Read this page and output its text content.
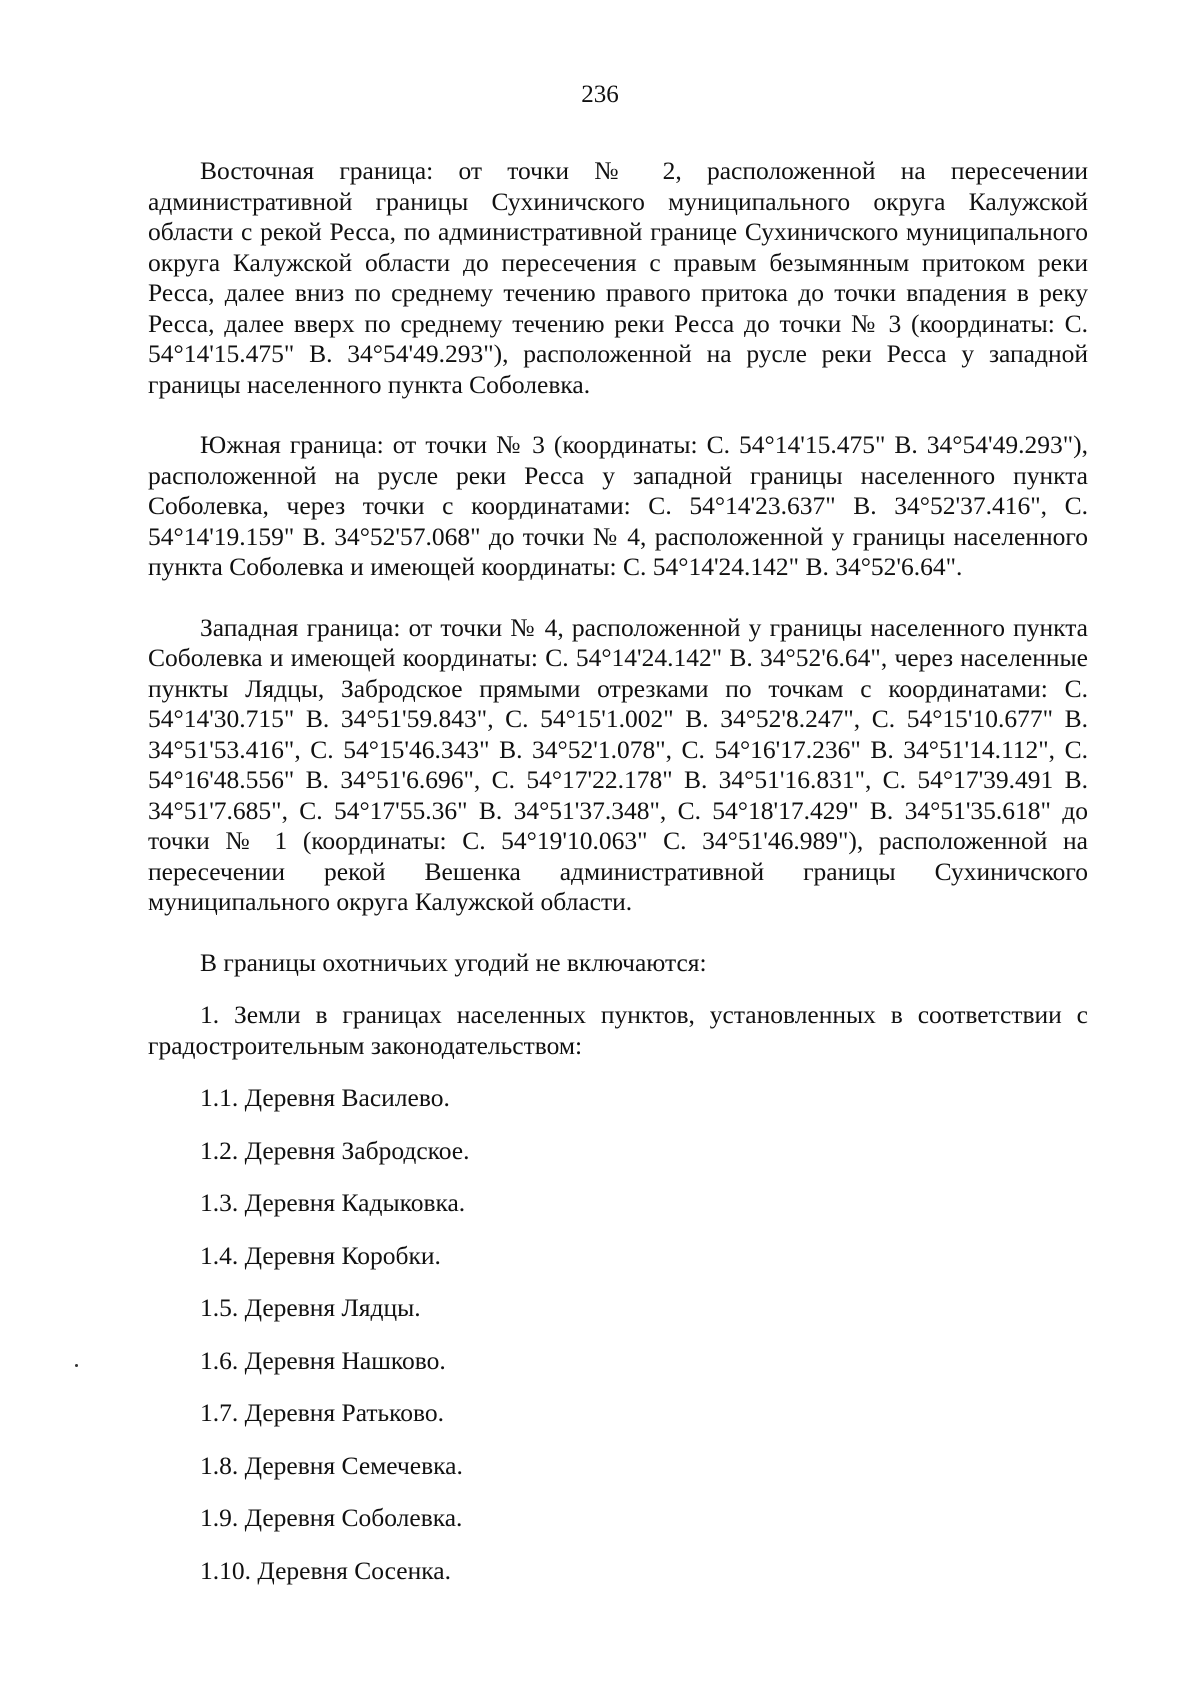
236

Восточная граница: от точки № 2, расположенной на пересечении административной границы Сухиничского муниципального округа Калужской области с рекой Ресса, по административной границе Сухиничского муниципального округа Калужской области до пересечения с правым безымянным притоком реки Ресса, далее вниз по среднему течению правого притока до точки впадения в реку Ресса, далее вверх по среднему течению реки Ресса до точки № 3 (координаты: С. 54°14'15.475" В. 34°54'49.293"), расположенной на русле реки Ресса у западной границы населенного пункта Соболевка.

Южная граница: от точки № 3 (координаты: С. 54°14'15.475" В. 34°54'49.293"), расположенной на русле реки Ресса у западной границы населенного пункта Соболевка, через точки с координатами: С. 54°14'23.637" В. 34°52'37.416", С. 54°14'19.159" В. 34°52'57.068" до точки № 4, расположенной у границы населенного пункта Соболевка и имеющей координаты: С. 54°14'24.142" В. 34°52'6.64".

Западная граница: от точки № 4, расположенной у границы населенного пункта Соболевка и имеющей координаты: С. 54°14'24.142" В. 34°52'6.64", через населенные пункты Лядцы, Забродское прямыми отрезками по точкам с координатами: С. 54°14'30.715" В. 34°51'59.843", С. 54°15'1.002" В. 34°52'8.247", С. 54°15'10.677" В. 34°51'53.416", С. 54°15'46.343" В. 34°52'1.078", С. 54°16'17.236" В. 34°51'14.112", С. 54°16'48.556" В. 34°51'6.696", С. 54°17'22.178" В. 34°51'16.831", С. 54°17'39.491 В. 34°51'7.685", С. 54°17'55.36" В. 34°51'37.348", С. 54°18'17.429" В. 34°51'35.618" до точки № 1 (координаты: С. 54°19'10.063" С. 34°51'46.989"), расположенной на пересечении рекой Вешенка административной границы Сухиничского муниципального округа Калужской области.

В границы охотничьих угодий не включаются:

1. Земли в границах населенных пунктов, установленных в соответствии с градостроительным законодательством:

1.1. Деревня Василево.
1.2. Деревня Забродское.
1.3. Деревня Кадыковка.
1.4. Деревня Коробки.
1.5. Деревня Лядцы.
1.6. Деревня Нашково.
1.7. Деревня Ратьково.
1.8. Деревня Семечевка.
1.9. Деревня Соболевка.
1.10. Деревня Сосенка.
